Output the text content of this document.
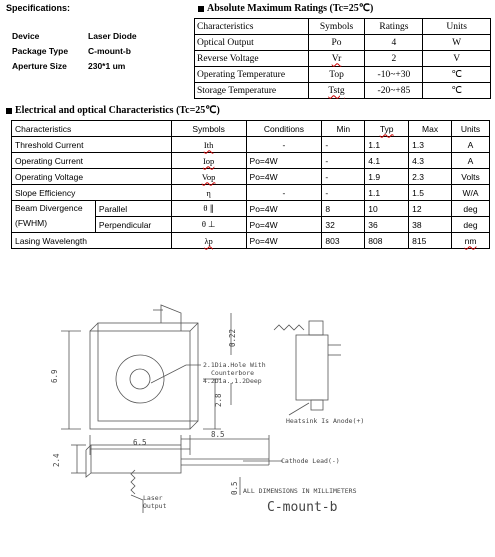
Specifications:
Device	Laser Diode
Package Type C-mount-b
Aperture Size 230*1 um
Absolute Maximum Ratings (Tc=25℃)
Characteristics	Symbols	Ratings	Units
Optical Output	Po	4	W
Reverse Voltage	Vr	2	V
Operating Temperature	Top	-10~+30	℃
Storage Temperature	Tstg	-20~+85	℃
Electrical and optical Characteristics (Tc=25℃)
Characteristics		Symbols	Conditions	Min	Typ	Max	Units
Threshold Current		Ith	-	-	1.1	1.3	A
Operating Current		Iop	Po=4W	-	4.1	4.3	A
Operating Voltage		Vop	Po=4W	-	1.9	2.3	Volts
Slope Efficiency		η	-	-	1.1	1.5	W/A
Beam Divergence
(FWHM)	Parallel	θ ∥	Po=4W	8	10	12	deg
	Perpendicular	θ ⊥	Po=4W	32	36	38	deg
Lasing Wavelength		λp	Po=4W	803	808	815	nm
6.9
6.5
2.8
0.22
8.5
2.4
0.5
2.1Dia.Hole With
Counterbore
4.2Dia.,1.2Deep
Heatsink Is Anode(+)
Cathode Lead(-)
Laser
Output
ALL DIMENSIONS IN MILLIMETERS
C-mount-b
